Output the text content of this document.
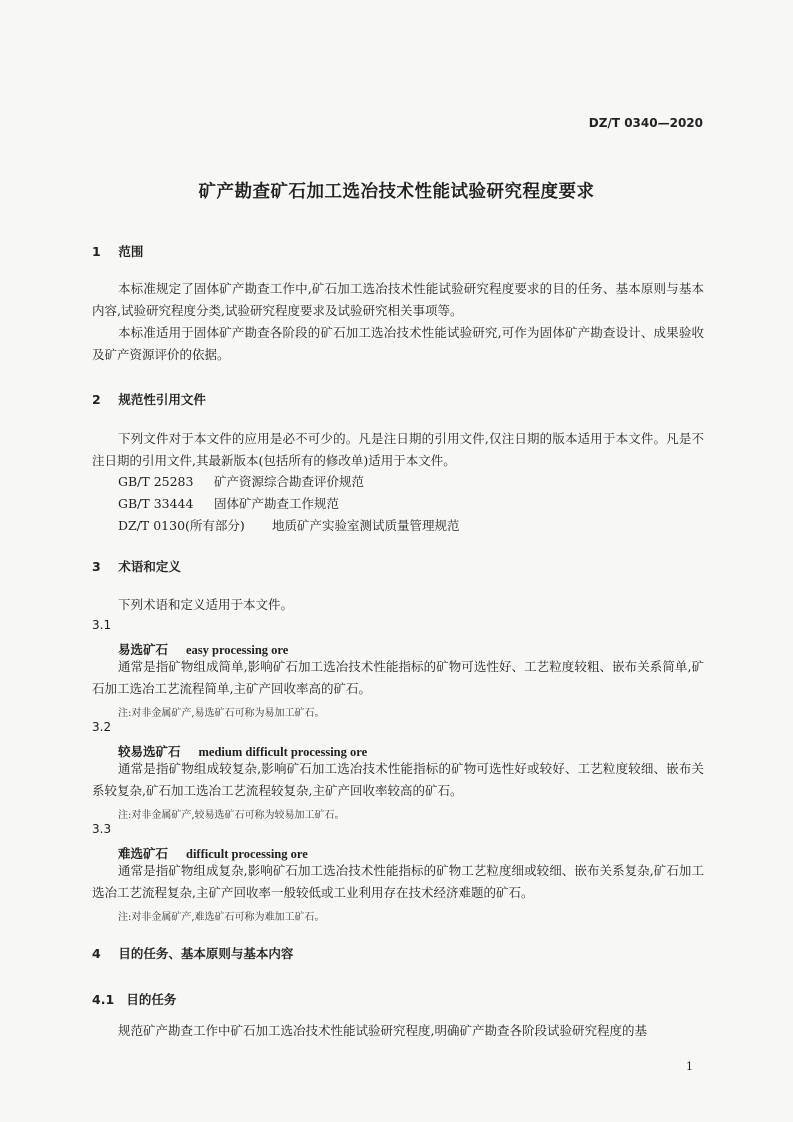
DZ/T 0340—2020
矿产勘查矿石加工选冶技术性能试验研究程度要求
1 范围
本标准规定了固体矿产勘查工作中,矿石加工选冶技术性能试验研究程度要求的目的任务、基本原则与基本内容,试验研究程度分类,试验研究程度要求及试验研究相关事项等。
本标准适用于固体矿产勘查各阶段的矿石加工选冶技术性能试验研究,可作为固体矿产勘查设计、成果验收及矿产资源评价的依据。
2 规范性引用文件
下列文件对于本文件的应用是必不可少的。凡是注日期的引用文件,仅注日期的版本适用于本文件。凡是不注日期的引用文件,其最新版本(包括所有的修改单)适用于本文件。
GB/T 25283 矿产资源综合勘查评价规范
GB/T 33444 固体矿产勘查工作规范
DZ/T 0130(所有部分) 地质矿产实验室测试质量管理规范
3 术语和定义
下列术语和定义适用于本文件。
3.1
易选矿石 easy processing ore
通常是指矿物组成简单,影响矿石加工选冶技术性能指标的矿物可选性好、工艺粒度较粗、嵌布关系简单,矿石加工选冶工艺流程简单,主矿产回收率高的矿石。
注:对非金属矿产,易选矿石可称为易加工矿石。
3.2
较易选矿石 medium difficult processing ore
通常是指矿物组成较复杂,影响矿石加工选冶技术性能指标的矿物可选性好或较好、工艺粒度较细、嵌布关系较复杂,矿石加工选冶工艺流程较复杂,主矿产回收率较高的矿石。
注:对非金属矿产,较易选矿石可称为较易加工矿石。
3.3
难选矿石 difficult processing ore
通常是指矿物组成复杂,影响矿石加工选冶技术性能指标的矿物工艺粒度细或较细、嵌布关系复杂,矿石加工选冶工艺流程复杂,主矿产回收率一般较低或工业利用存在技术经济难题的矿石。
注:对非金属矿产,难选矿石可称为难加工矿石。
4 目的任务、基本原则与基本内容
4.1 目的任务
规范矿产勘查工作中矿石加工选冶技术性能试验研究程度,明确矿产勘查各阶段试验研究程度的基
1
